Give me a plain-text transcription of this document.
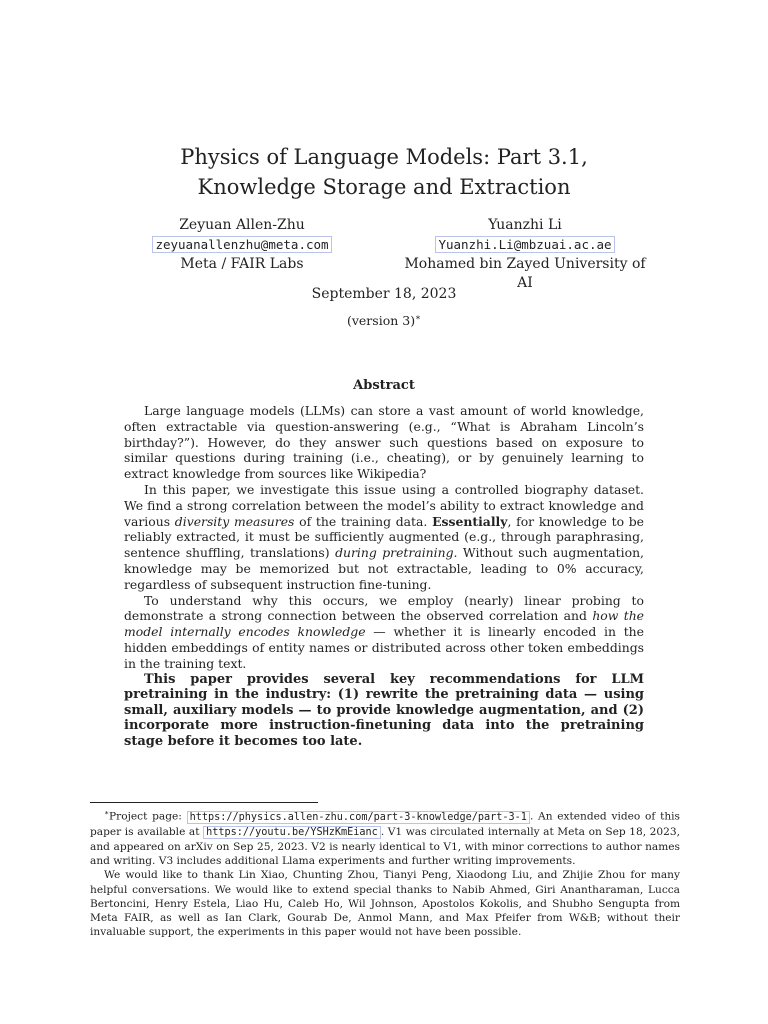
Physics of Language Models: Part 3.1,
Knowledge Storage and Extraction
Zeyuan Allen-Zhu
zeyuanallenzhu@meta.com
Meta / FAIR Labs
Yuanzhi Li
Yuanzhi.Li@mbzuai.ac.ae
Mohamed bin Zayed University of AI
September 18, 2023
(version 3)∗
Abstract

Large language models (LLMs) can store a vast amount of world knowledge, often extractable via question-answering (e.g., “What is Abraham Lincoln’s birthday?”). However, do they answer such questions based on exposure to similar questions during training (i.e., cheating), or by genuinely learning to extract knowledge from sources like Wikipedia?

In this paper, we investigate this issue using a controlled biography dataset. We find a strong correlation between the model’s ability to extract knowledge and various diversity measures of the training data. Essentially, for knowledge to be reliably extracted, it must be sufficiently augmented (e.g., through paraphrasing, sentence shuffling, translations) during pretraining. Without such augmentation, knowledge may be memorized but not extractable, leading to 0% accuracy, regardless of subsequent instruction fine-tuning.

To understand why this occurs, we employ (nearly) linear probing to demonstrate a strong connection between the observed correlation and how the model internally encodes knowledge — whether it is linearly encoded in the hidden embeddings of entity names or distributed across other token embeddings in the training text.

This paper provides several key recommendations for LLM pretraining in the industry: (1) rewrite the pretraining data — using small, auxiliary models — to provide knowledge augmentation, and (2) incorporate more instruction-finetuning data into the pretraining stage before it becomes too late.

∗Project page: https://physics.allen-zhu.com/part-3-knowledge/part-3-1 . An extended video of this paper is available at https://youtu.be/YSHzKmEianc . V1 was circulated internally at Meta on Sep 18, 2023, and appeared on arXiv on Sep 25, 2023. V2 is nearly identical to V1, with minor corrections to author names and writing. V3 includes additional Llama experiments and further writing improvements.

We would like to thank Lin Xiao, Chunting Zhou, Tianyi Peng, Xiaodong Liu, and Zhijie Zhou for many helpful conversations. We would like to extend special thanks to Nabib Ahmed, Giri Anantharaman, Lucca Bertoncini, Henry Estela, Liao Hu, Caleb Ho, Wil Johnson, Apostolos Kokolis, and Shubho Sengupta from Meta FAIR, as well as Ian Clark, Gourab De, Anmol Mann, and Max Pfeifer from W&B; without their invaluable support, the experiments in this paper would not have been possible.
